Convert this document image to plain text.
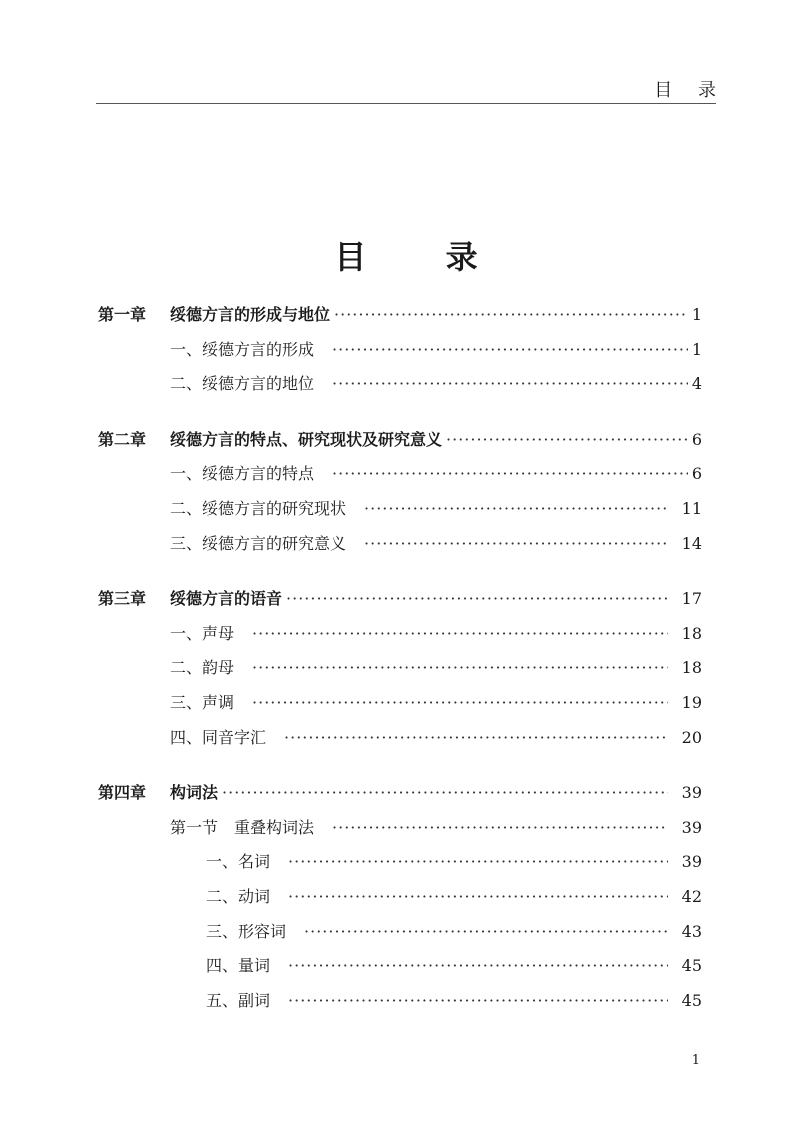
目 录
目 录
第一章	绥德方言的形成与地位 ·····	1
一、绥德方言的形成 ·····	1
二、绥德方言的地位 ·····	4
第二章	绥德方言的特点、研究现状及研究意义 ·····	6
一、绥德方言的特点 ·····	6
二、绥德方言的研究现状 ·····	11
三、绥德方言的研究意义 ·····	14
第三章	绥德方言的语音 ·····	17
一、声母 ·····	18
二、韵母 ·····	18
三、声调 ·····	19
四、同音字汇 ·····	20
第四章	构词法 ·····	39
第一节 重叠构词法 ·····	39
一、名词 ·····	39
二、动词 ·····	42
三、形容词 ·····	43
四、量词 ·····	45
五、副词 ·····	45
1
